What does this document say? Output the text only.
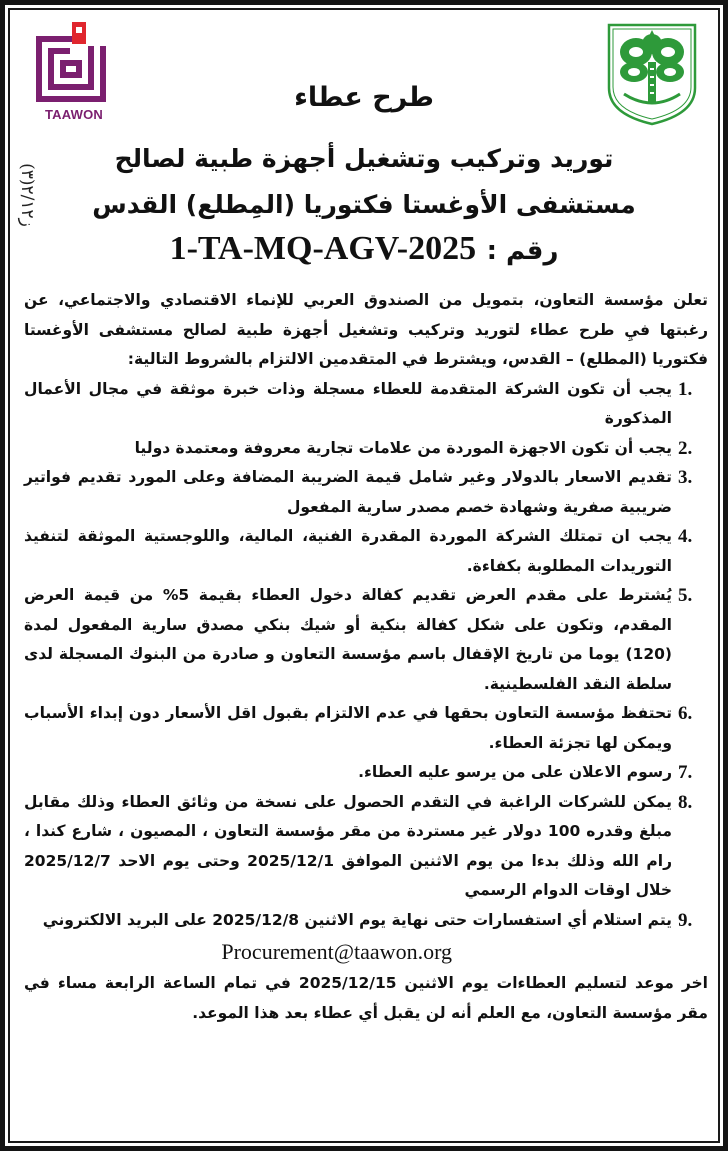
TAAWON
ز٢/١٢(٣)
طرح عطاء
توريد وتركيب وتشغيل أجهزة طبية لصالح
مستشفى الأوغستا فكتوريا (المِطلع) القدس
رقم : 1-TA-MQ-AGV-2025

تعلن مؤسسة التعاون، بتمويل من الصندوق العربي للإنماء الاقتصادي والاجتماعي، عن رغبتها فيِ طرح عطاء لتوريد وتركيب وتشغيل أجهزة طبية لصالح مستشفى الأوغستا فكتوريا (المطلع) – القدس، ويشترط في المتقدمين الالتزام بالشروط التالية:

1.
يجب أن تكون الشركة المتقدمة للعطاء مسجلة وذات خبرة موثقة في مجال الأعمال المذكورة
2.
يجب أن تكون الاجهزة الموردة من علامات تجارية معروفة ومعتمدة دوليا
3.
تقديم الاسعار بالدولار وغير شامل قيمة الضريبة المضافة وعلى المورد تقديم فواتير ضريبية صفرية وشهادة خصم مصدر سارية المفعول
4.
يجب ان تمتلك الشركة الموردة المقدرة الفنية، المالية، واللوجستية الموثقة لتنفيذ التوريدات المطلوبة بكفاءة.
5.
يُشترط على مقدم العرض تقديم كفالة دخول العطاء بقيمة 5% من قيمة العرض المقدم، وتكون على شكل كفالة بنكية أو شيك بنكي مصدق سارية المفعول لمدة (120) يوما من تاريخ الإقفال باسم مؤسسة التعاون و صادرة من البنوك المسجلة لدى سلطة النقد الفلسطينية.
6.
تحتفظ مؤسسة التعاون بحقها في عدم الالتزام بقبول اقل الأسعار دون إبداء الأسباب ويمكن لها تجزئة العطاء.
7.
رسوم الاعلان على من يرسو عليه العطاء.
8.
يمكن للشركات الراغبة في التقدم الحصول على نسخة من وثائق العطاء وذلك مقابل مبلغ وقدره 100 دولار غير مستردة من مقر مؤسسة التعاون ، المصيون ، شارع كندا ، رام الله وذلك بدءا من يوم الاثنين الموافق 2025/12/1 وحتى يوم الاحد 2025/12/7 خلال اوقات الدوام الرسمي
9.
يتم استلام أي استفسارات حتى نهاية يوم الاثنين 2025/12/8 على البريد الالكتروني
Procurement@taawon.org

اخر موعد لتسليم العطاءات يوم الاثنين 2025/12/15 في تمام الساعة الرابعة مساء في مقر مؤسسة التعاون، مع العلم أنه لن يقبل أي عطاء بعد هذا الموعد.
